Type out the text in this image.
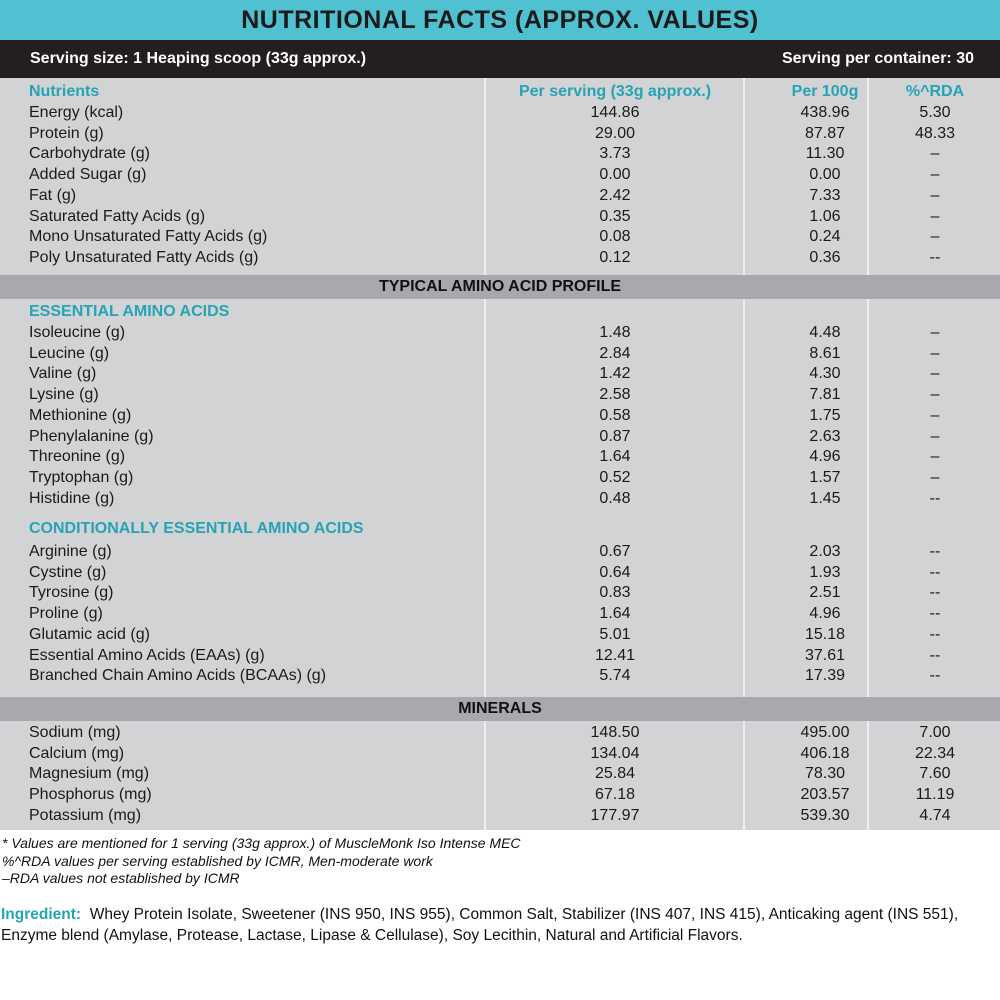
NUTRITIONAL FACTS (APPROX. VALUES)
Serving size: 1 Heaping scoop (33g approx.)	Serving per container: 30
Nutrients	Per serving (33g approx.)	Per 100g	%^RDA
Energy (kcal)	144.86	438.96	5.30
Protein (g)	29.00	87.87	48.33
Carbohydrate (g)	3.73	11.30	–
Added Sugar (g)	0.00	0.00	–
Fat (g)	2.42	7.33	–
Saturated Fatty Acids (g)	0.35	1.06	–
Mono Unsaturated Fatty Acids (g)	0.08	0.24	–
Poly Unsaturated Fatty Acids (g)	0.12	0.36	--
TYPICAL AMINO ACID PROFILE
ESSENTIAL AMINO ACIDS
Isoleucine (g)	1.48	4.48	–
Leucine (g)	2.84	8.61	–
Valine (g)	1.42	4.30	–
Lysine (g)	2.58	7.81	–
Methionine (g)	0.58	1.75	–
Phenylalanine (g)	0.87	2.63	–
Threonine (g)	1.64	4.96	–
Tryptophan (g)	0.52	1.57	–
Histidine (g)	0.48	1.45	--
CONDITIONALLY ESSENTIAL AMINO ACIDS
Arginine (g)	0.67	2.03	--
Cystine (g)	0.64	1.93	--
Tyrosine (g)	0.83	2.51	--
Proline (g)	1.64	4.96	--
Glutamic acid (g)	5.01	15.18	--
Essential Amino Acids (EAAs) (g)	12.41	37.61	--
Branched Chain Amino Acids (BCAAs) (g)	5.74	17.39	--
MINERALS
Sodium (mg)	148.50	495.00	7.00
Calcium (mg)	134.04	406.18	22.34
Magnesium (mg)	25.84	78.30	7.60
Phosphorus (mg)	67.18	203.57	11.19
Potassium (mg)	177.97	539.30	4.74
* Values are mentioned for 1 serving (33g approx.) of MuscleMonk Iso Intense MEC
%^RDA values per serving established by ICMR, Men-moderate work
–RDA values not established by ICMR
Ingredient: Whey Protein Isolate, Sweetener (INS 950, INS 955), Common Salt, Stabilizer (INS 407, INS 415), Anticaking agent (INS 551), Enzyme blend (Amylase, Protease, Lactase, Lipase & Cellulase), Soy Lecithin, Natural and Artificial Flavors.
